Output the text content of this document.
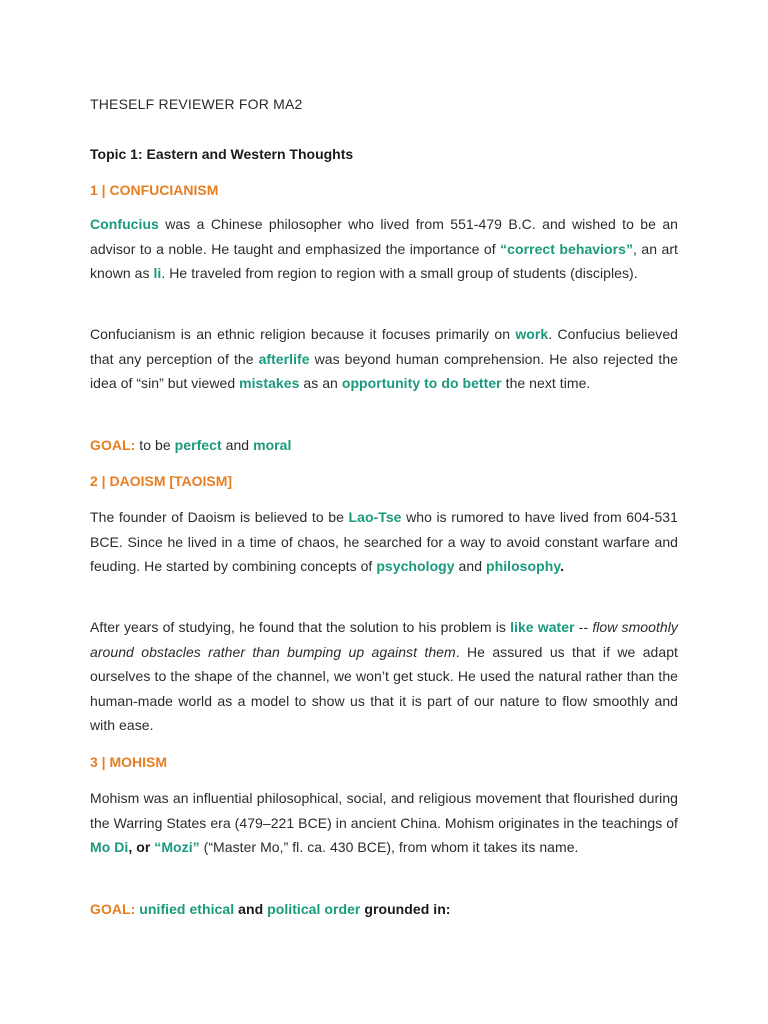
THESELF REVIEWER FOR MA2
Topic 1: Eastern and Western Thoughts
1 | CONFUCIANISM

Confucius was a Chinese philosopher who lived from 551-479 B.C. and wished to be an advisor to a noble. He taught and emphasized the importance of “correct behaviors”, an art known as li. He traveled from region to region with a small group of students (disciples).

Confucianism is an ethnic religion because it focuses primarily on work. Confucius believed that any perception of the afterlife was beyond human comprehension. He also rejected the idea of “sin” but viewed mistakes as an opportunity to do better the next time.

GOAL: to be perfect and moral

2 | DAOISM [TAOISM]

The founder of Daoism is believed to be Lao-Tse who is rumored to have lived from 604-531 BCE. Since he lived in a time of chaos, he searched for a way to avoid constant warfare and feuding. He started by combining concepts of psychology and philosophy.

After years of studying, he found that the solution to his problem is like water -- flow smoothly around obstacles rather than bumping up against them. He assured us that if we adapt ourselves to the shape of the channel, we won’t get stuck. He used the natural rather than the human-made world as a model to show us that it is part of our nature to flow smoothly and with ease.

3 | MOHISM

Mohism was an influential philosophical, social, and religious movement that flourished during the Warring States era (479–221 BCE) in ancient China. Mohism originates in the teachings of Mo Di, or “Mozi” (“Master Mo,” fl. ca. 430 BCE), from whom it takes its name.

GOAL: unified ethical and political order grounded in:
